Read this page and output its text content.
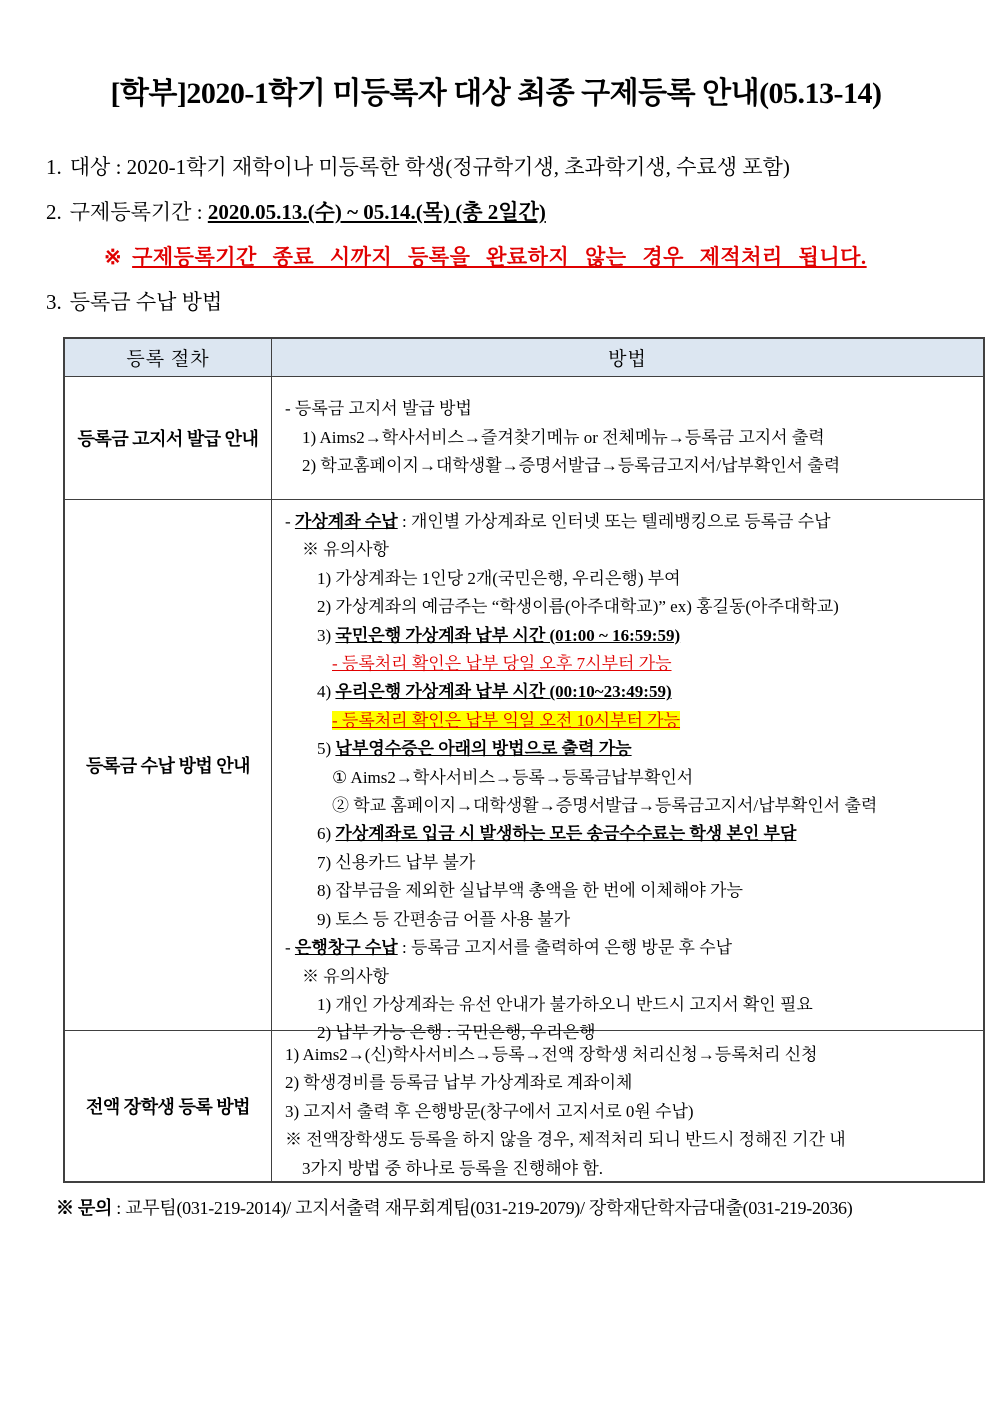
[학부]2020-1학기 미등록자 대상 최종 구제등록 안내(05.13-14)
1. 대상 : 2020-1학기 재학이나 미등록한 학생(정규학기생, 초과학기생, 수료생 포함)
2. 구제등록기간 : 2020.05.13.(수) ~ 05.14.(목) (총 2일간)
※ 구제등록기간 종료 시까지 등록을 완료하지 않는 경우 제적처리 됩니다.
3. 등록금 수납 방법
등록 절차	방법
등록금 고지서 발급 안내
- 등록금 고지서 발급 방법
1) Aims2→학사서비스→즐겨찾기메뉴 or 전체메뉴→등록금 고지서 출력
2) 학교홈페이지→대학생활→증명서발급→등록금고지서/납부확인서 출력
등록금 수납 방법 안내
- 가상계좌 수납 : 개인별 가상계좌로 인터넷 또는 텔레뱅킹으로 등록금 수납
※ 유의사항
1) 가상계좌는 1인당 2개(국민은행, 우리은행) 부여
2) 가상계좌의 예금주는 “학생이름(아주대학교)” ex) 홍길동(아주대학교)
3) 국민은행 가상계좌 납부 시간 (01:00 ~ 16:59:59)
- 등록처리 확인은 납부 당일 오후 7시부터 가능
4) 우리은행 가상계좌 납부 시간 (00:10~23:49:59)
- 등록처리 확인은 납부 익일 오전 10시부터 가능
5) 납부영수증은 아래의 방법으로 출력 가능
① Aims2→학사서비스→등록→등록금납부확인서
② 학교 홈페이지→대학생활→증명서발급→등록금고지서/납부확인서 출력
6) 가상계좌로 입금 시 발생하는 모든 송금수수료는 학생 본인 부담
7) 신용카드 납부 불가
8) 잡부금을 제외한 실납부액 총액을 한 번에 이체해야 가능
9) 토스 등 간편송금 어플 사용 불가
- 은행창구 수납 : 등록금 고지서를 출력하여 은행 방문 후 수납
※ 유의사항
1) 개인 가상계좌는 유선 안내가 불가하오니 반드시 고지서 확인 필요
2) 납부 가능 은행 : 국민은행, 우리은행
전액 장학생 등록 방법
1) Aims2→(신)학사서비스→등록→전액 장학생 처리신청→등록처리 신청
2) 학생경비를 등록금 납부 가상계좌로 계좌이체
3) 고지서 출력 후 은행방문(창구에서 고지서로 0원 수납)
※ 전액장학생도 등록을 하지 않을 경우, 제적처리 되니 반드시 정해진 기간 내
3가지 방법 중 하나로 등록을 진행해야 함.
※ 문의 : 교무팀(031-219-2014)/ 고지서출력 재무회계팀(031-219-2079)/ 장학재단학자금대출(031-219-2036)
